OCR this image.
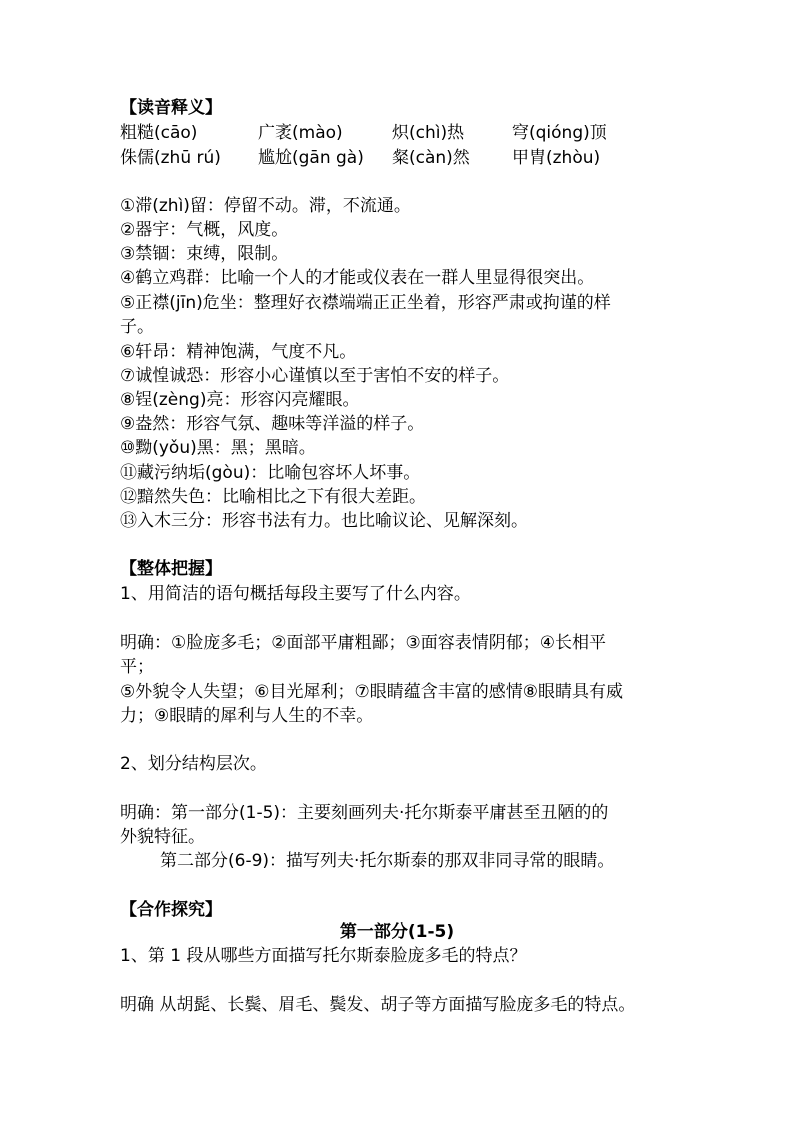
【读音释义】
粗糙(cāo)	广袤(mào)	炽(chì)热	穹(qióng)顶
侏儒(zhū rú) 尴尬(gān gà) 粲(càn)然 甲胄(zhòu)
①滞(zhì)留：停留不动。滞，不流通。
②器宇：气概，风度。
③禁锢：束缚，限制。
④鹤立鸡群：比喻一个人的才能或仪表在一群人里显得很突出。
⑤正襟(jīn)危坐：整理好衣襟端端正正坐着，形容严肃或拘谨的样
子。
⑥轩昂：精神饱满，气度不凡。
⑦诚惶诚恐：形容小心谨慎以至于害怕不安的样子。
⑧锃(zèng)亮：形容闪亮耀眼。
⑨盎然：形容气氛、趣味等洋溢的样子。
⑩黝(yǒu)黑：黑；黑暗。
⑪藏污纳垢(gòu)：比喻包容坏人坏事。
⑫黯然失色：比喻相比之下有很大差距。
⑬入木三分：形容书法有力。也比喻议论、见解深刻。
【整体把握】
1、用简洁的语句概括每段主要写了什么内容。
明确：①脸庞多毛；②面部平庸粗鄙；③面容表情阴郁；④长相平
平；
⑤外貌令人失望；⑥目光犀利；⑦眼睛蕴含丰富的感情⑧眼睛具有威
力；⑨眼睛的犀利与人生的不幸。
2、划分结构层次。
明确：第一部分(1-5)：主要刻画列夫·托尔斯泰平庸甚至丑陋的的
外貌特征。
第二部分(6-9)：描写列夫·托尔斯泰的那双非同寻常的眼睛。
【合作探究】
第一部分(1-5)
1、第 1 段从哪些方面描写托尔斯泰脸庞多毛的特点？
明确 从胡髭、长鬓、眉毛、鬓发、胡子等方面描写脸庞多毛的特点。
